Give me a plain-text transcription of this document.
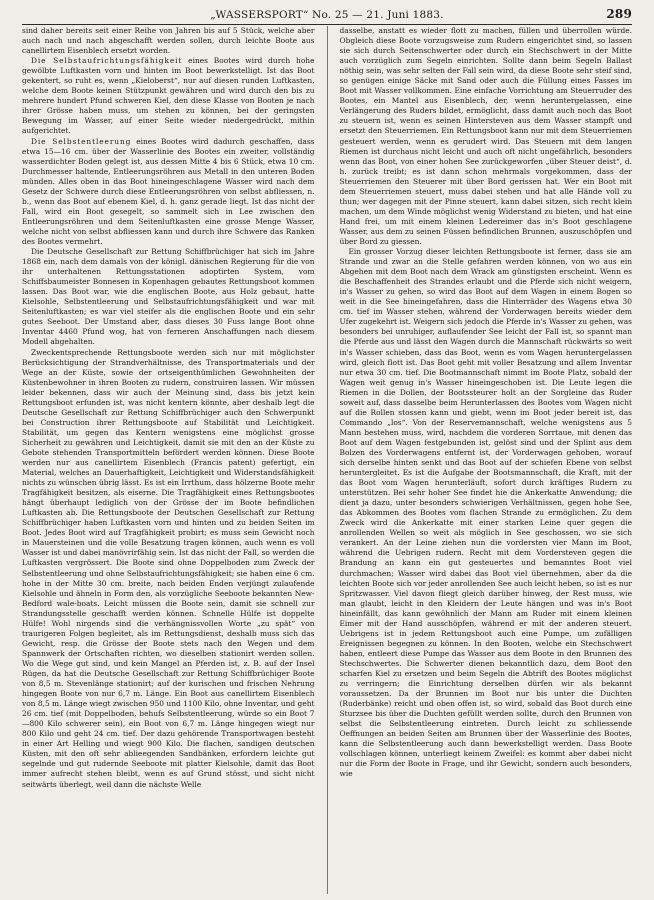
„WASSERSPORT“ No. 25 — 21. Juni 1883.	289

sind daher bereits seit einer Reihe von Jahren bis auf 5 Stück, welche aber auch nach und nach abgeschafft werden sollen, durch leichte Boote aus canellirtem Eisenblech ersetzt worden.

Die Selbstaufrichtungsfähigkeit eines Bootes wird durch hohe gewölbte Luftkasten vorn und hinten im Boot bewerkstelligt. Ist das Boot gekentert, so ruht es, wenn „Kieloberst“, nur auf diesen runden Luftkasten, welche dem Boote keinen Stützpunkt gewähren und wird durch den bis zu mehrere hundert Pfund schweren Kiel, den diese Klasse von Booten je nach ihrer Grösse haben muss, um stehen zu können, bei der geringsten Bewegung im Wasser, auf einer Seite wieder niedergedrückt, mithin aufgerichtet.

Die Selbstentleerung eines Bootes wird dadurch geschaffen, dass etwa 15—16 cm. über der Wasserlinie des Bootes ein zweiter, vollständig wasserdichter Boden gelegt ist, aus dessen Mitte 4 bis 6 Stück, etwa 10 cm. Durchmesser haltende, Entleerungsröhren aus Metall in den unteren Boden münden. Alles oben in das Boot hineingeschlagene Wasser wird nach dem Gesetz der Schwere durch diese Entleerungsröhren von selbst abfliessen, n. b., wenn das Boot auf ebenem Kiel, d. h. ganz gerade liegt. Ist das nicht der Fall, wird ein Boot gesegelt, so sammelt sich in Lee zwischen den Entleerungsröhren und dem Seitenluftkasten eine grosse Menge Wasser, welche nicht von selbst abfliessen kann und durch ihre Schwere das Ranken des Bootes vermehrt.

Die Deutsche Gesellschaft zur Rettung Schiffbrüchiger hat sich im Jahre 1868 ein, nach dem damals von der königl. dänischen Regierung für die von ihr unterhaltenen Rettungsstationen adoptirten System, vom Schiffsbaumeister Bonnesen in Kopenhagen gebautes Rettungsboot kommen lassen. Das Boot war, wie die englischen Boote, aus Holz gebaut, hatte Kielsohle, Selbstentleerung und Selbstaufrichtungsfähigkeit und war mit Seitenluftkasten; es war viel steifer als die englischen Boote und ein sehr gutes Seeboot. Der Umstand aber, dass dieses 30 Fuss lange Boot ohne Inventar 4460 Pfund wog, hat von ferneren Anschaffungen nach diesem Modell abgehalten.

Zweckentsprechende Rettungsboote werden sich nur mit möglichster Berücksichtigung der Strandverhältnisse, des Transportmaterials und der Wege an der Küste, sowie der ortseigenthümlichen Gewohnheiten der Küstenbewohner in ihren Booten zu rudern, construiren lassen. Wir müssen leider bekennen, dass wir auch der Meinung sind, dass bis jetzt kein Rettungsboot erfunden ist, was nicht kentern könnte, aber deshalb legt die Deutsche Gesellschaft zur Rettung Schiffbrüchiger auch den Schwerpunkt bei Construction ihrer Rettungsboote auf Stabilität und Leichtigkeit. Stabilität, um gegen das Kentern wenigstens eine möglichst grosse Sicherheit zu gewähren und Leichtigkeit, damit sie mit den an der Küste zu Gebote stehenden Transportmitteln befördert werden können. Diese Boote werden nur aus canellirtem Eisenblech (Francis patent) gefertigt, ein Material, welches an Dauerhaftigkeit, Leichtigkeit und Widerstandsfähigkeit nichts zu wünschen übrig lässt. Es ist ein Irrthum, dass hölzerne Boote mehr Tragfähigkeit besitzen, als eiserne. Die Tragfähigkeit eines Rettungsbootes hängt überhaupt lediglich von der Grösse der im Boote befindlichen Luftkasten ab. Die Rettungsboote der Deutschen Gesellschaft zur Rettung Schiffbrüchiger haben Luftkasten vorn und hinten und zu beiden Seiten im Boot. Jedes Boot wird auf Tragfähigkeit probirt; es muss sein Gewicht noch in Mauersteinen und die volle Besatzung tragen können, auch wenn es voll Wasser ist und dabei manövrirfähig sein. Ist das nicht der Fall, so werden die Luftkasten vergrössert. Die Boote sind ohne Doppelboden zum Zweck der Selbstentleerung und ohne Selbstaufrichtungsfähigkeit; sie haben eine 6 cm. hohe in der Mitte 30 cm. breite, nach beiden Enden verjüngt zulaufende Kielsohle und ähneln in Form den, als vorzügliche Seeboote bekannten New-Bedford wale-boats. Leicht müssen die Boote sein, damit sie schnell zur Strandungsstelle geschafft werden können. Schnelle Hülfe ist doppelte Hülfe! Wohl nirgends sind die verhängnissvollen Worte „zu spät“ von traurigeren Folgen begleitet, als im Rettungsdienst, deshalb muss sich das Gewicht, resp. die Grösse der Boote stets nach den Wegen und dem Spannwerk der Ortschaften richten, wo dieselben stationirt werden sollen. Wo die Wege gut sind, und kein Mangel an Pferden ist, z. B. auf der Insel Rügen, da hat die Deutsche Gesellschaft zur Rettung Schiffbrüchiger Boote von 8,5 m. Stevenlänge stationirt; auf der kurischen und frischen Nehrung hingegen Boote von nur 6,7 m. Länge. Ein Boot aus canellirtem Eisenblech von 8,5 m. Länge wiegt zwischen 950 und 1100 Kilo, ohne Inventar, und geht 26 cm. tief (mit Doppelboden, behufs Selbstentleerung, würde so ein Boot 7—800 Kilo schwerer sein), ein Boot von 6,7 m. Länge hingegen wiegt nur 800 Kilo und geht 24 cm. tief. Der dazu gehörende Transportwagen besteht in einer Art Helling und wiegt 900 Kilo. Die flachen, sandigen deutschen Küsten, mit den oft sehr ablieegenden Sandbänken, erfordern leichte gut segelnde und gut rudernde Seeboote mit platter Kielsohle, damit das Boot immer aufrecht stehen bleibt, wenn es auf Grund stösst, und sicht nicht seitwärts überlegt, weil dann die nächste Welle

dasselbe, anstatt es wieder flott zu machen, füllen und überrollen würde. Obgleich diese Boote vorzugsweise zum Rudern eingerichtet sind, so lassen sie sich durch Seitenschwerter oder durch ein Stechschwert in der Mitte auch vorzüglich zum Segeln einrichten. Sollte dann beim Segeln Ballast nöthig sein, was sehr selten der Fall sein wird, da diese Boote sehr steif sind, so genügen einige Säcke mit Sand oder auch die Füllung eines Fasses im Boot mit Wasser vollkommen. Eine einfache Vorrichtung am Steuerruder des Bootes, ein Mantel aus Eisenblech, der, wenn heruntergelassen, eine Verlängerung des Ruders bildet, ermöglicht, dass damit auch noch das Boot zu steuern ist, wenn es seinen Hintersteven aus dem Wasser stampft und ersetzt den Steuerriemen. Ein Rettungsboot kann nur mit dem Steuerriemen gesteuert werden, wenn es gerudert wird. Das Steuern mit dem langen Riemen ist durchaus nicht leicht und auch oft nicht ungefährlich, besonders wenn das Boot, von einer hohen See zurückgeworfen „über Steuer deist“, d. h. zurück treibt; es ist dann schon mehrmals vorgekommen, dass der Steuerriemen den Steuerer mit über Bord gerissen hat. Wer ein Boot mit dem Steuerriemen steuert, muss dabei stehen und hat alle Hände voll zu thun; wer dagegen mit der Pinne steuert, kann dabei sitzen, sich recht klein machen, um dem Winde möglichst wenig Widerstand zu bieten, und hat eine Hand frei, um mit einem kleinen Ledereimer das in's Boot geschlagene Wasser, aus dem zu seinen Füssen befindlichen Brunnen, auszuschöpfen und über Bord zu giessen.

Ein grosser Vorzug dieser leichten Rettungsboote ist ferner, dass sie am Strande und zwar an die Stelle gefahren werden können, von wo aus ein Abgehen mit dem Boot nach dem Wrack am günstigsten erscheint. Wenn es die Beschaffenheit des Strandes erlaubt und die Pferde sich nicht weigern, in's Wasser zu gehen, so wird das Boot auf dem Wagen in einem Bogen so weit in die See hineingefahren, dass die Hinterräder des Wagens etwa 30 cm. tief im Wasser stehen, während der Vorderwagen bereits wieder dem Ufer zugekehrt ist. Weigern sich jedoch die Pferde in's Wasser zu gehen, was besonders bei unruhiger, auflaufender See leicht der Fall ist, so spannt man die Pferde aus und lässt den Wagen durch die Mannschaft rückwärts so weit in's Wasser schieben, dass das Boot, wenn es vom Wagen heruntergelassen wird, gleich flott ist. Das Boot geht mit voller Besatzung und allem Inventar nur etwa 30 cm. tief. Die Bootmannschaft nimmt im Boote Platz, sobald der Wagen weit genug in's Wasser hineingeschoben ist. Die Leute legen die Riemen in die Dollen, der Bootssteurer holt an der Sorgleine das Ruder soweit auf, dass dasselbe beim Herunterlassen des Bootes vom Wagen nicht auf die Rollen stossen kann und giebt, wenn im Boot jeder bereit ist, das Commando „los“. Von der Reservemannschaft, welche wenigstens aus 5 Mann bestehen muss, wird, nachdem die vorderen Sorrtaue, mit denen das Boot auf dem Wagen festgebunden ist, gelöst sind und der Splint aus dem Bolzen des Vorderwagens entfernt ist, der Vorderwagen gehoben, worauf sich derselbe hinten senkt und das Boot auf der schiefen Ebene von selbst heruntergleitet. Es ist die Aufgabe der Bootsmannschaft, die Kraft, mit der das Boot vom Wagen herunterläuft, sofort durch kräftiges Rudern zu unterstützen. Bei sehr hoher See findet hie die Ankerkatte Anwendung; die dient ja dazu, unter besonders schwierigen Verhältnissen, gegen hohe See, das Abkommen des Bootes vom flachen Strande zu ermöglichen. Zu dem Zweck wird die Ankerkatte mit einer starken Leine quer gegen die anrollenden Wellen so weit als möglich in See geschossen, wo sie sich verankert. An der Leine ziehen nun die vordersten vier Mann im Boot, während die Uebrigen rudern. Recht mit dem Vordersteven gegen die Brandung an kann ein gut gesteuertes und bemanntes Boot viel durchmachen; Wasser wird dabei das Boot viel übernehmen, aber da die leichten Boote sich vor jeder anrollenden See auch leicht heben, so ist es nur Spritzwasser. Viel davon fliegt gleich darüber hinweg, der Rest muss, wie man glaubt, leicht in den Kleidern der Leute hängen und was in's Boot hineinfällt, das kann gewöhnlich der Mann am Ruder mit einem kleinen Eimer mit der Hand ausschöpfen, während er mit der anderen steuert. Uebrigens ist in jedem Rettungsboot auch eine Pumpe, um zufälligen Ereignissen begegnen zu können. In den Booten, welche ein Stechschwert haben, entleert diese Pumpe das Wasser aus dem Boote in den Brunnen des Stechschwertes. Die Schwerter dienen bekanntlich dazu, dem Boot den scharfen Kiel zu ersetzen und beim Segeln die Abtrift des Bootes möglichst zu verringern; die Einrichtung derselben dürfen wir als bekannt voraussetzen. Da der Brunnen im Boot nur bis unter die Duchten (Ruderbänke) reicht und oben offen ist, so wird, sobald das Boot durch eine Sturzsee bis über die Duchten gefüllt werden sollte, durch den Brunnen von selbst die Selbstentleerung eintreten. Durch leicht zu schliessende Oeffnungen an beiden Seiten am Brunnen über der Wasserlinie des Bootes, kann die Selbstentleerung auch dann bewerkstelligt werden. Dass Boote vollschlagen können, unterliegt keinem Zweifel: es kommt aber dabei nicht nur die Form der Boote in Frage, und ihr Gewicht, sondern auch besonders, wie
